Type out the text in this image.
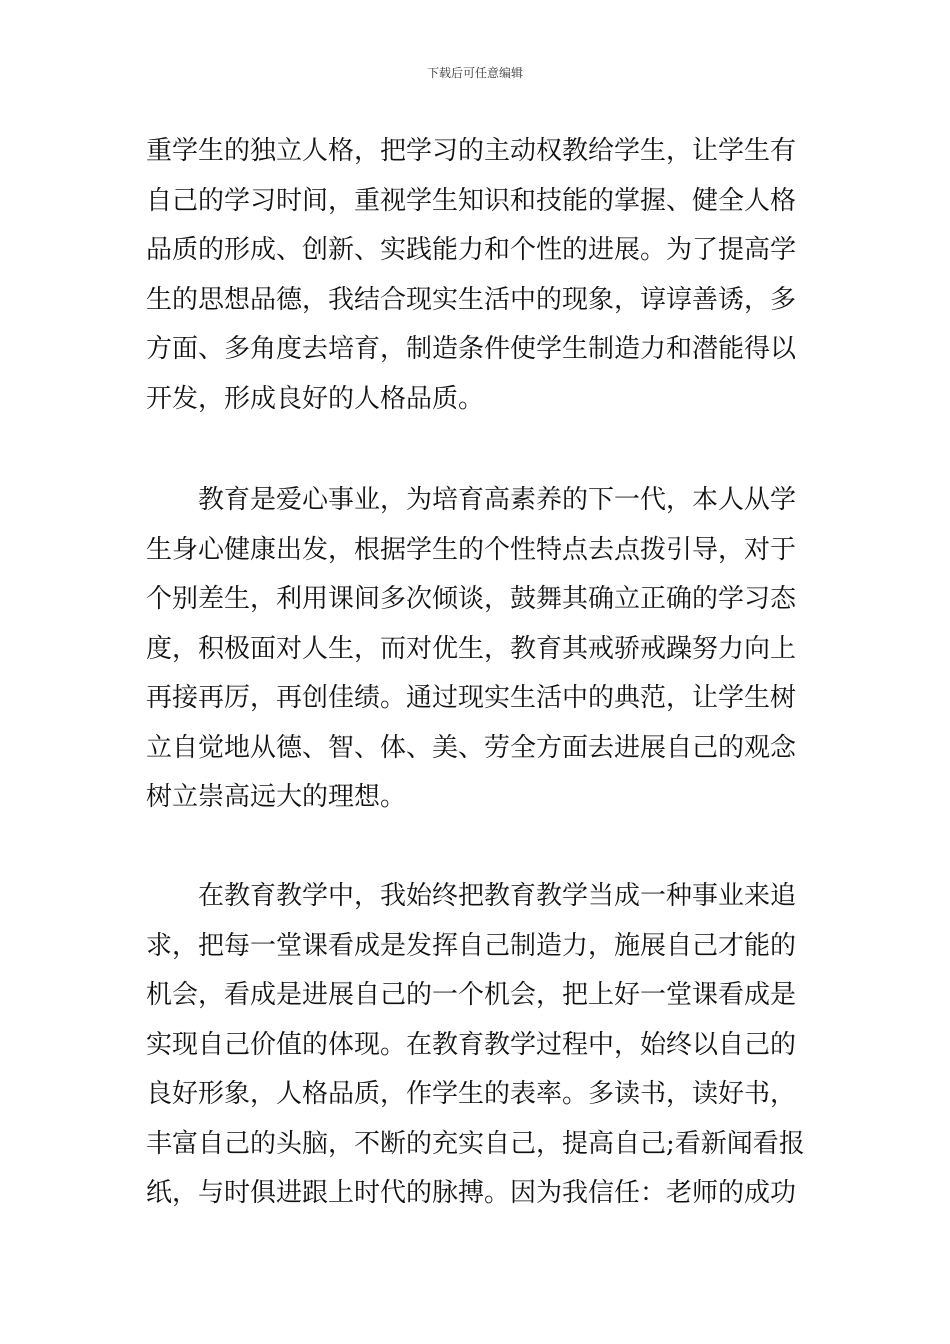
下载后可任意编辑
重学生的独立人格，把学习的主动权教给学生，让学生有
自己的学习时间，重视学生知识和技能的掌握、健全人格
品质的形成、创新、实践能力和个性的进展。为了提高学
生的思想品德，我结合现实生活中的现象，谆谆善诱，多
方面、多角度去培育，制造条件使学生制造力和潜能得以
开发，形成良好的人格品质。
教育是爱心事业，为培育高素养的下一代，本人从学
生身心健康出发，根据学生的个性特点去点拨引导，对于
个别差生，利用课间多次倾谈，鼓舞其确立正确的学习态
度，积极面对人生，而对优生，教育其戒骄戒躁努力向上
再接再厉，再创佳绩。通过现实生活中的典范，让学生树
立自觉地从德、智、体、美、劳全方面去进展自己的观念
树立崇高远大的理想。
在教育教学中，我始终把教育教学当成一种事业来追
求，把每一堂课看成是发挥自己制造力，施展自己才能的
机会，看成是进展自己的一个机会，把上好一堂课看成是
实现自己价值的体现。在教育教学过程中，始终以自己的
良好形象，人格品质，作学生的表率。多读书，读好书，
丰富自己的头脑，不断的充实自己，提高自己;看新闻看报
纸，与时俱进跟上时代的脉搏。因为我信任：老师的成功
